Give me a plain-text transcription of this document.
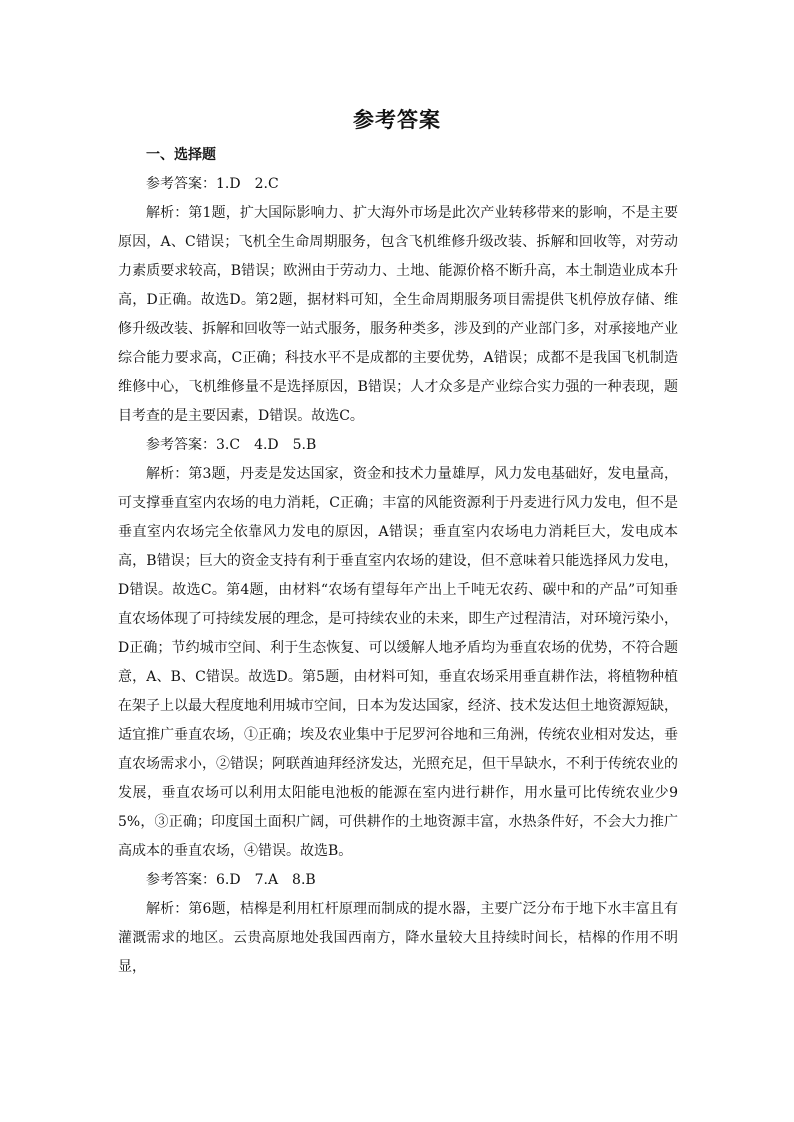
参考答案
一、选择题

参考答案：1.D　2.C

解析：第1题，扩大国际影响力、扩大海外市场是此次产业转移带来的影响，不是主要原因，A、C错误；飞机全生命周期服务，包含飞机维修升级改装、拆解和回收等，对劳动力素质要求较高，B错误；欧洲由于劳动力、土地、能源价格不断升高，本土制造业成本升高，D正确。故选D。第2题，据材料可知，全生命周期服务项目需提供飞机停放存储、维修升级改装、拆解和回收等一站式服务，服务种类多，涉及到的产业部门多，对承接地产业综合能力要求高，C正确；科技水平不是成都的主要优势，A错误；成都不是我国飞机制造维修中心，飞机维修量不是选择原因，B错误；人才众多是产业综合实力强的一种表现，题目考查的是主要因素，D错误。故选C。

参考答案：3.C　4.D　5.B

解析：第3题，丹麦是发达国家，资金和技术力量雄厚，风力发电基础好，发电量高，可支撑垂直室内农场的电力消耗，C正确；丰富的风能资源利于丹麦进行风力发电，但不是垂直室内农场完全依靠风力发电的原因，A错误；垂直室内农场电力消耗巨大，发电成本高，B错误；巨大的资金支持有利于垂直室内农场的建设，但不意味着只能选择风力发电，D错误。故选C。第4题，由材料“农场有望每年产出上千吨无农药、碳中和的产品”可知垂直农场体现了可持续发展的理念，是可持续农业的未来，即生产过程清洁，对环境污染小，D正确；节约城市空间、利于生态恢复、可以缓解人地矛盾均为垂直农场的优势，不符合题意，A、B、C错误。故选D。第5题，由材料可知，垂直农场采用垂直耕作法，将植物种植在架子上以最大程度地利用城市空间，日本为发达国家，经济、技术发达但土地资源短缺，适宜推广垂直农场，①正确；埃及农业集中于尼罗河谷地和三角洲，传统农业相对发达，垂直农场需求小，②错误；阿联酋迪拜经济发达，光照充足，但干旱缺水，不利于传统农业的发展，垂直农场可以利用太阳能电池板的能源在室内进行耕作，用水量可比传统农业少95%，③正确；印度国土面积广阔，可供耕作的土地资源丰富，水热条件好，不会大力推广高成本的垂直农场，④错误。故选B。

参考答案：6.D　7.A　8.B

解析：第6题，桔槔是利用杠杆原理而制成的提水器，主要广泛分布于地下水丰富且有灌溉需求的地区。云贵高原地处我国西南方，降水量较大且持续时间长，桔槔的作用不明显，
